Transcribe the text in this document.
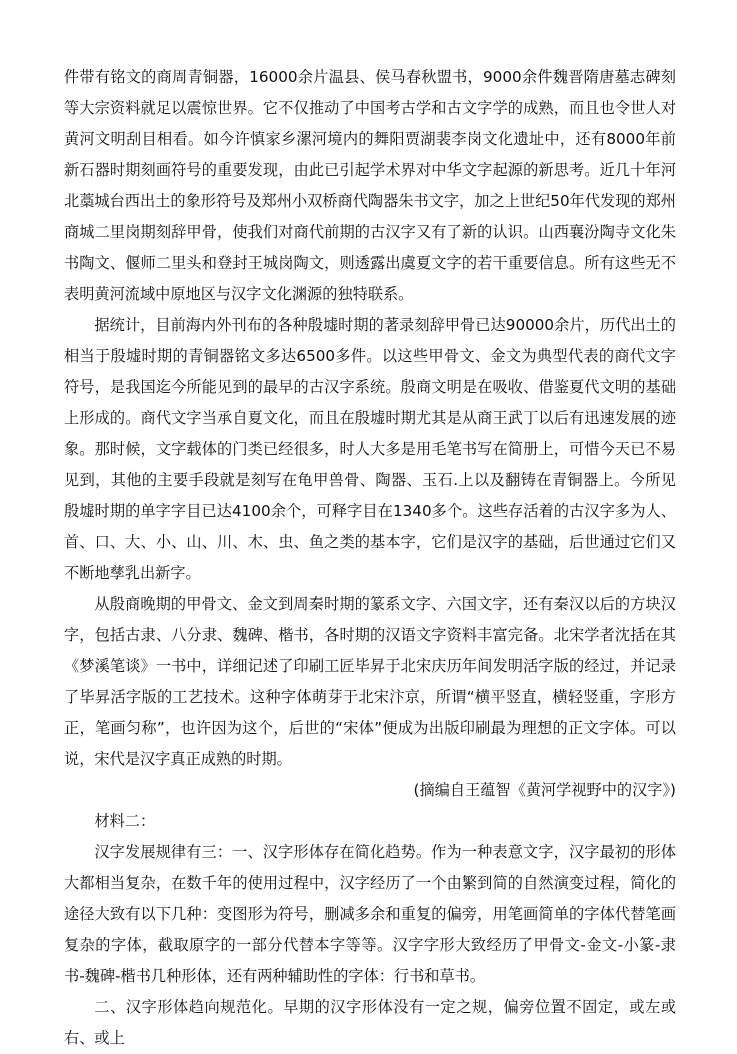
件带有铭文的商周青铜器，16000余片温县、侯马春秋盟书，9000余件魏晋隋唐墓志碑刻等大宗资料就足以震惊世界。它不仅推动了中国考古学和古文字学的成熟，而且也令世人对黄河文明刮目相看。如今许慎家乡漯河境内的舞阳贾湖裴李岗文化遗址中，还有8000年前新石器时期刻画符号的重要发现，由此已引起学术界对中华文字起源的新思考。近几十年河北藁城台西出土的象形符号及郑州小双桥商代陶器朱书文字，加之上世纪50年代发现的郑州商城二里岗期刻辞甲骨，使我们对商代前期的古汉字又有了新的认识。山西襄汾陶寺文化朱书陶文、偃师二里头和登封王城岗陶文，则透露出虞夏文字的若干重要信息。所有这些无不表明黄河流域中原地区与汉字文化渊源的独特联系。

据统计，目前海内外刊布的各种殷墟时期的著录刻辞甲骨已达90000余片，历代出土的相当于殷墟时期的青铜器铭文多达6500多件。以这些甲骨文、金文为典型代表的商代文字符号，是我国迄今所能见到的最早的古汉字系统。殷商文明是在吸收、借鉴夏代文明的基础上形成的。商代文字当承自夏文化，而且在殷墟时期尤其是从商王武丁以后有迅速发展的迹象。那时候，文字载体的门类已经很多，时人大多是用毛笔书写在简册上，可惜今天已不易见到，其他的主要手段就是刻写在龟甲兽骨、陶器、玉石.上以及翻铸在青铜器上。今所见殷墟时期的单字字目已达4100余个，可释字目在1340多个。这些存活着的古汉字多为人、首、口、大、小、山、川、木、虫、鱼之类的基本字，它们是汉字的基础，后世通过它们又不断地孳乳出新字。

从殷商晚期的甲骨文、金文到周秦时期的篆系文字、六国文字，还有秦汉以后的方块汉字，包括古隶、八分隶、魏碑、楷书，各时期的汉语文字资料丰富完备。北宋学者沈括在其《梦溪笔谈》一书中，详细记述了印刷工匠毕昇于北宋庆历年间发明活字版的经过，并记录了毕昇活字版的工艺技术。这种字体萌芽于北宋汴京，所谓“横平竖直，横轻竖重，字形方正，笔画匀称”，也许因为这个，后世的“宋体”便成为出版印刷最为理想的正文字体。可以说，宋代是汉字真正成熟的时期。

(摘编自王蕴智《黄河学视野中的汉字》)

材料二：

汉字发展规律有三：一、汉字形体存在简化趋势。作为一种表意文字，汉字最初的形体大都相当复杂，在数千年的使用过程中，汉字经历了一个由繁到简的自然演变过程，简化的途径大致有以下几种：变图形为符号，删减多余和重复的偏旁，用笔画简单的字体代替笔画复杂的字体，截取原字的一部分代替本字等等。汉字字形大致经历了甲骨文-金文-小篆-隶书-魏碑-楷书几种形体，还有两种辅助性的字体：行书和草书。

二、汉字形体趋向规范化。早期的汉字形体没有一定之规，偏旁位置不固定，或左或右、或上
